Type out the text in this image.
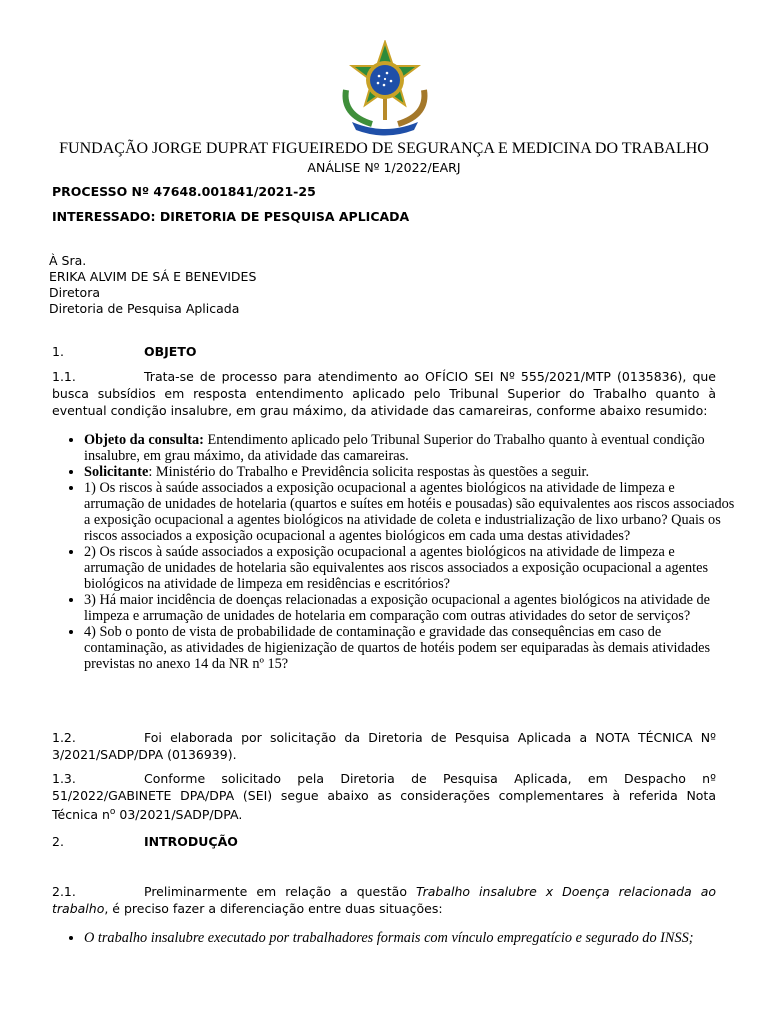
FUNDAÇÃO JORGE DUPRAT FIGUEIREDO DE SEGURANÇA E MEDICINA DO TRABALHO
ANÁLISE Nº 1/2022/EARJ
PROCESSO Nº 47648.001841/2021-25
INTERESSADO: DIRETORIA DE PESQUISA APLICADA
À Sra.
ERIKA ALVIM DE SÁ E BENEVIDES
Diretora
Diretoria de Pesquisa Aplicada
1.	OBJETO
1.1.	Trata-se de processo para atendimento ao OFÍCIO SEI Nº 555/2021/MTP (0135836), que busca subsídios em resposta entendimento aplicado pelo Tribunal Superior do Trabalho quanto à eventual condição insalubre, em grau máximo, da atividade das camareiras, conforme abaixo resumido:
• Objeto da consulta: Entendimento aplicado pelo Tribunal Superior do Trabalho quanto à eventual condição insalubre, em grau máximo, da atividade das camareiras.
• Solicitante: Ministério do Trabalho e Previdência solicita respostas às questões a seguir.
• 1) Os riscos à saúde associados a exposição ocupacional a agentes biológicos na atividade de limpeza e arrumação de unidades de hotelaria (quartos e suítes em hotéis e pousadas) são equivalentes aos riscos associados a exposição ocupacional a agentes biológicos na atividade de coleta e industrialização de lixo urbano? Quais os riscos associados a exposição ocupacional a agentes biológicos em cada uma destas atividades?
• 2) Os riscos à saúde associados a exposição ocupacional a agentes biológicos na atividade de limpeza e arrumação de unidades de hotelaria são equivalentes aos riscos associados a exposição ocupacional a agentes biológicos na atividade de limpeza em residências e escritórios?
• 3) Há maior incidência de doenças relacionadas a exposição ocupacional a agentes biológicos na atividade de limpeza e arrumação de unidades de hotelaria em comparação com outras atividades do setor de serviços?
• 4) Sob o ponto de vista de probabilidade de contaminação e gravidade das consequências em caso de contaminação, as atividades de higienização de quartos de hotéis podem ser equiparadas às demais atividades previstas no anexo 14 da NR nº 15?
1.2.	Foi elaborada por solicitação da Diretoria de Pesquisa Aplicada a NOTA TÉCNICA Nº 3/2021/SADP/DPA (0136939).
1.3.	Conforme solicitado pela Diretoria de Pesquisa Aplicada, em Despacho nº 51/2022/GABINETE DPA/DPA (SEI) segue abaixo as considerações complementares à referida Nota Técnica $n^o$ 03/2021/SADP/DPA.
2.	INTRODUÇÃO
2.1.	Preliminarmente em relação a questão Trabalho insalubre x Doença relacionada ao trabalho, é preciso fazer a diferenciação entre duas situações:
• O trabalho insalubre executado por trabalhadores formais com vínculo empregatício e segurado do INSS;
